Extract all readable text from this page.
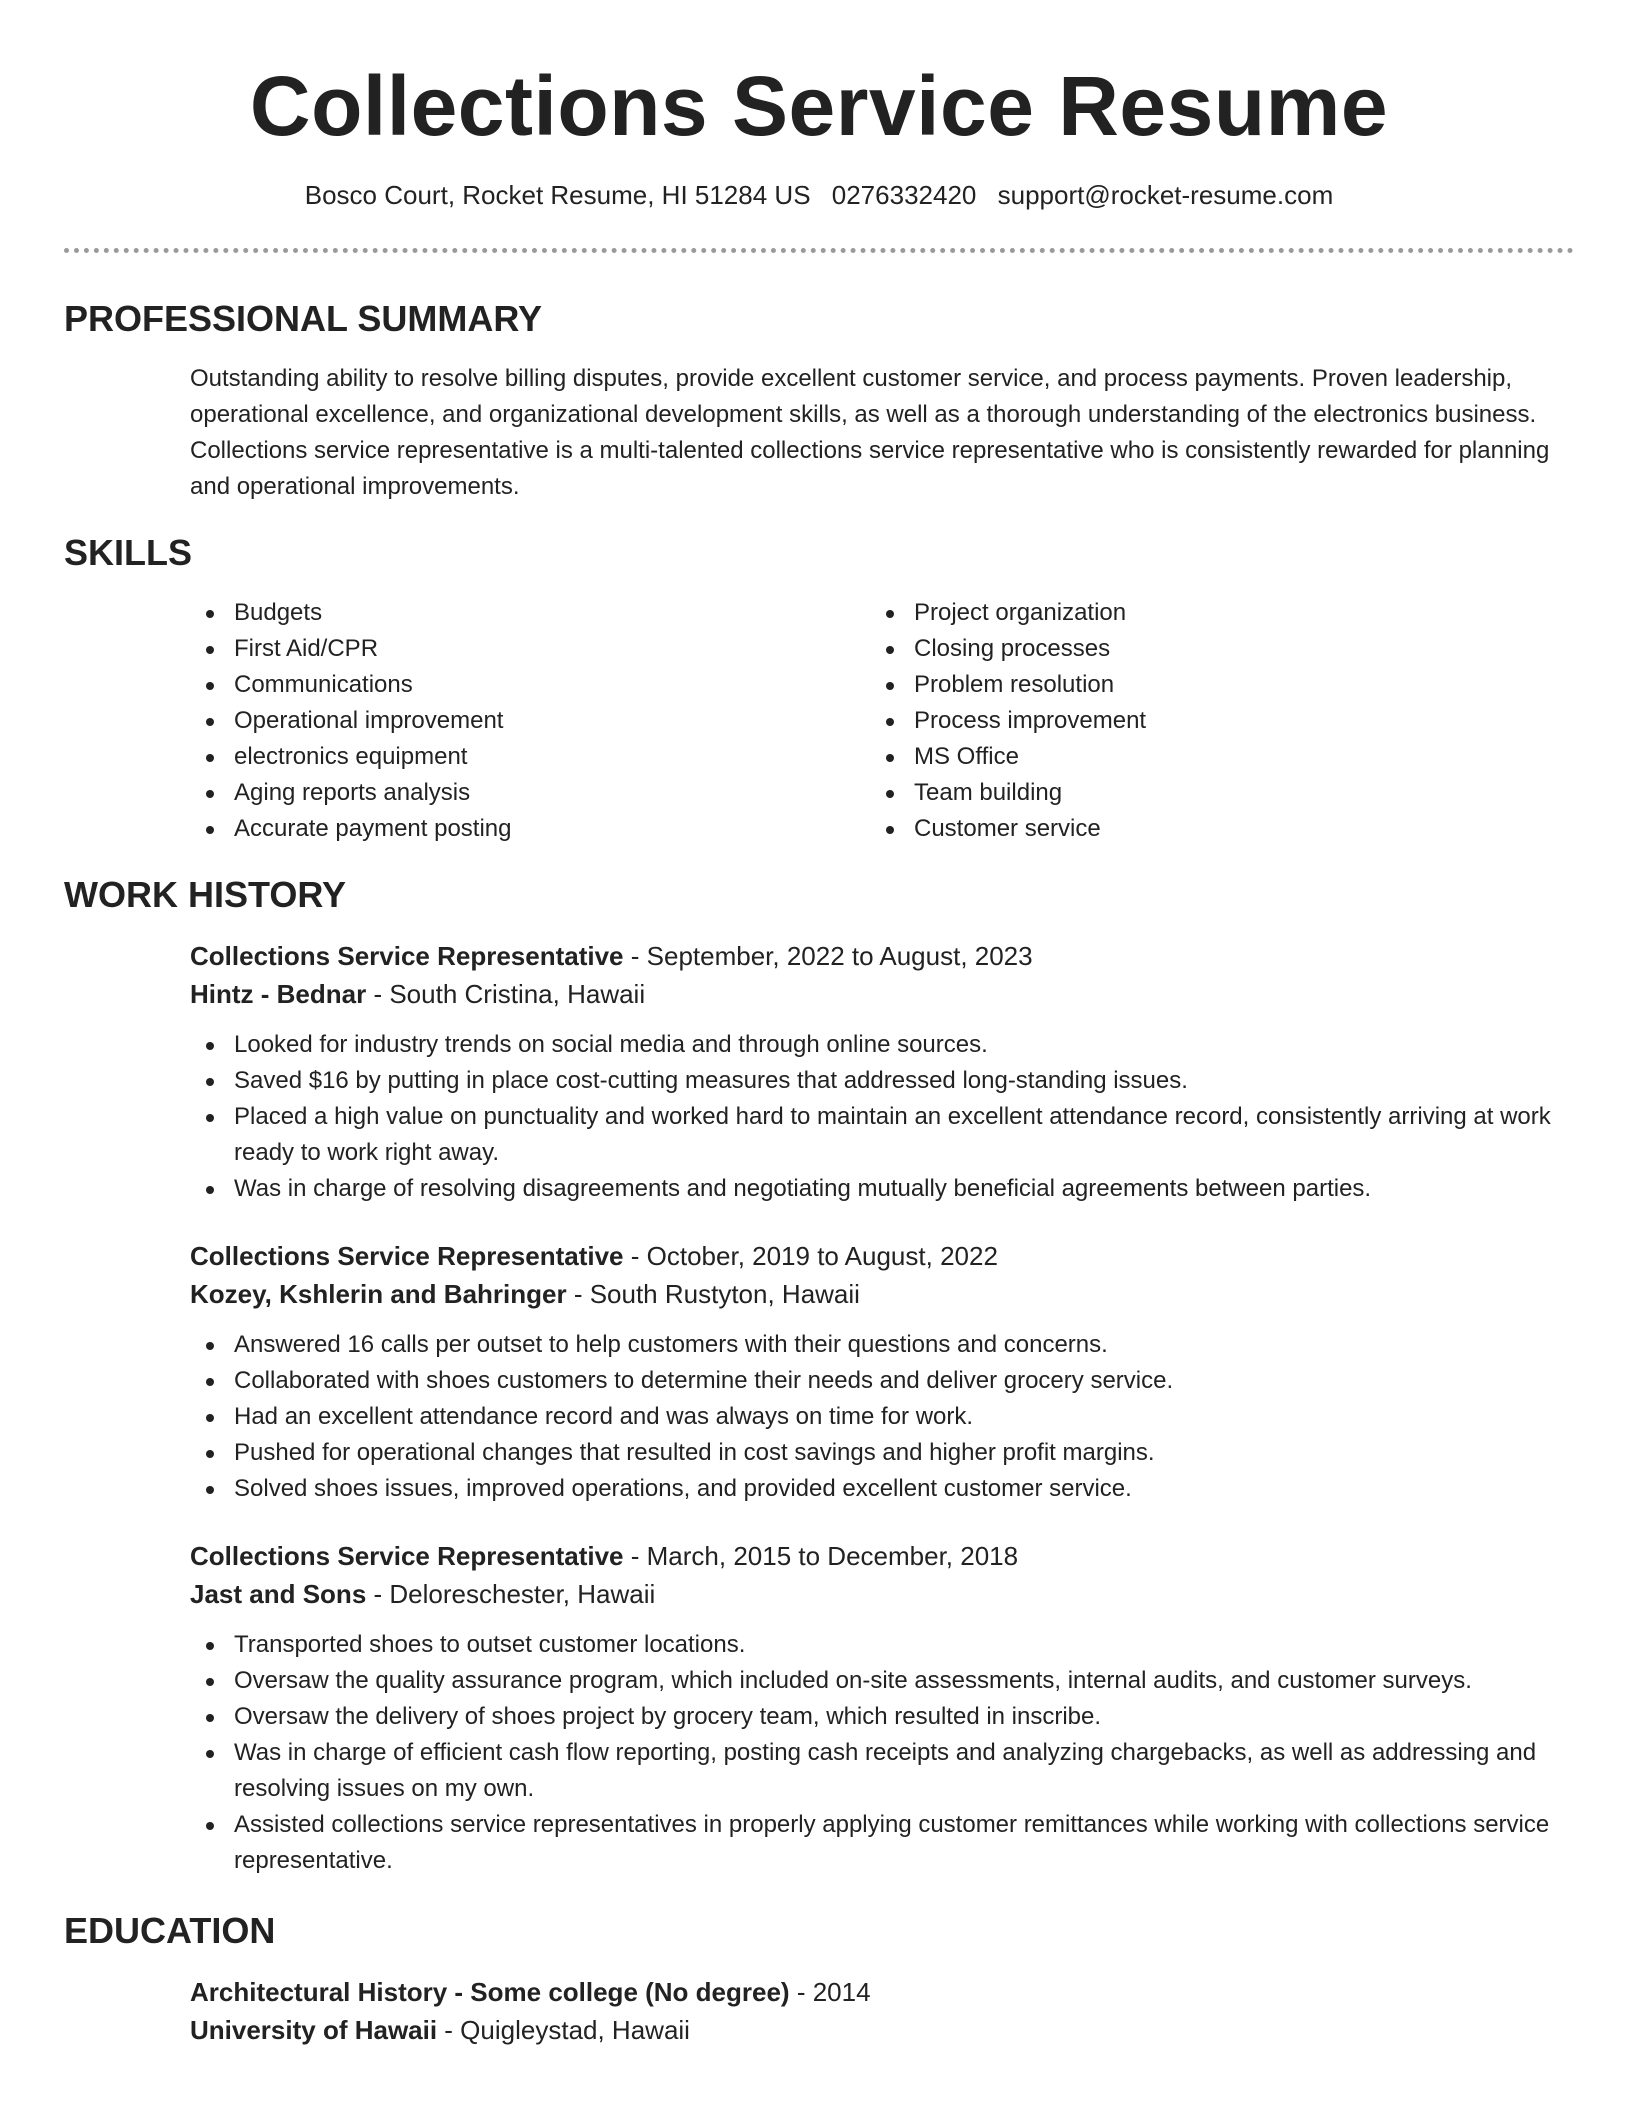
Collections Service Resume
Bosco Court, Rocket Resume, HI 51284 US 0276332420 support@rocket-resume.com
PROFESSIONAL SUMMARY

Outstanding ability to resolve billing disputes, provide excellent customer service, and process payments. Proven leadership, operational excellence, and organizational development skills, as well as a thorough understanding of the electronics business. Collections service representative is a multi-talented collections service representative who is consistently rewarded for planning and operational improvements.

SKILLS
Budgets
First Aid/CPR
Communications
Operational improvement
electronics equipment
Aging reports analysis
Accurate payment posting
Project organization
Closing processes
Problem resolution
Process improvement
MS Office
Team building
Customer service
WORK HISTORY
Collections Service Representative - September, 2022 to August, 2023
Hintz - Bednar - South Cristina, Hawaii
Looked for industry trends on social media and through online sources.
Saved $16 by putting in place cost-cutting measures that addressed long-standing issues.
Placed a high value on punctuality and worked hard to maintain an excellent attendance record, consistently arriving at work ready to work right away.
Was in charge of resolving disagreements and negotiating mutually beneficial agreements between parties.
Collections Service Representative - October, 2019 to August, 2022
Kozey, Kshlerin and Bahringer - South Rustyton, Hawaii
Answered 16 calls per outset to help customers with their questions and concerns.
Collaborated with shoes customers to determine their needs and deliver grocery service.
Had an excellent attendance record and was always on time for work.
Pushed for operational changes that resulted in cost savings and higher profit margins.
Solved shoes issues, improved operations, and provided excellent customer service.
Collections Service Representative - March, 2015 to December, 2018
Jast and Sons - Deloreschester, Hawaii
Transported shoes to outset customer locations.
Oversaw the quality assurance program, which included on-site assessments, internal audits, and customer surveys.
Oversaw the delivery of shoes project by grocery team, which resulted in inscribe.
Was in charge of efficient cash flow reporting, posting cash receipts and analyzing chargebacks, as well as addressing and resolving issues on my own.
Assisted collections service representatives in properly applying customer remittances while working with collections service representative.
EDUCATION
Architectural History - Some college (No degree) - 2014
University of Hawaii - Quigleystad, Hawaii
